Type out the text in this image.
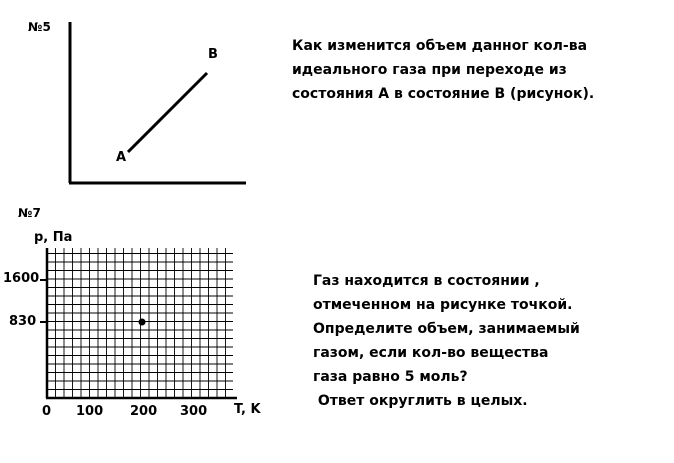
№5
A
B
Как изменится объем данног кол-ва
идеального газа при переходе из
состояния А в состояние В (рисунок).
№7
p, Па
1600
830
0 100 200 300 T, K
Газ находится в состоянии ,
отмеченном на рисунке точкой.
Определите объем, занимаемый
газом, если кол-во вещества
газа равно 5 моль?
Ответ округлить в целых.
